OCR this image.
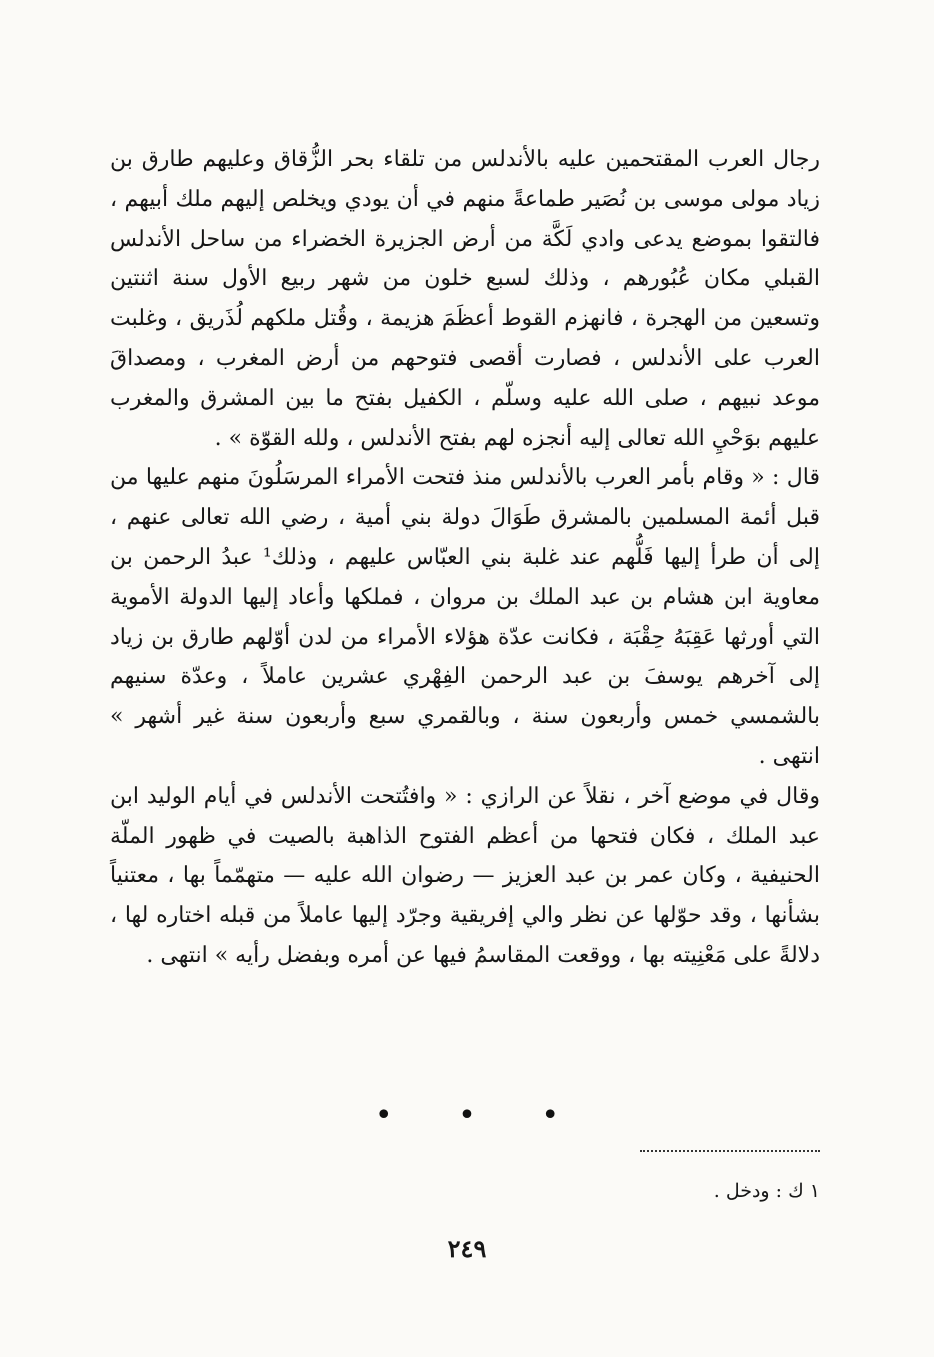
رجال العرب المقتحمين عليه بالأندلس من تلقاء بحر الزُّقاق وعليهم طارق بن زياد مولى موسى بن نُصَير طماعةً منهم في أن يودي ويخلص إليهم ملك أبيهم ، فالتقوا بموضع يدعى وادي لَكَّة من أرض الجزيرة الخضراء من ساحل الأندلس القبلي مكان عُبُورهم ، وذلك لسبع خلون من شهر ربيع الأول سنة اثنتين وتسعين من الهجرة ، فانهزم القوط أعظَمَ هزيمة ، وقُتل ملكهم لُذَريق ، وغلبت العرب على الأندلس ، فصارت أقصى فتوحهم من أرض المغرب ، ومصداقَ موعد نبيهم ، صلى الله عليه وسلّم ، الكفيل بفتح ما بين المشرق والمغرب عليهم بوَحْيِ الله تعالى إليه أنجزه لهم بفتح الأندلس ، ولله القوّة » .

قال : « وقام بأمر العرب بالأندلس منذ فتحت الأمراء المرسَلُونَ منهم عليها من قبل أئمة المسلمين بالمشرق طَوَالَ دولة بني أمية ، رضي الله تعالى عنهم ، إلى أن طرأ إليها فَلُّهم عند غلبة بني العبّاس عليهم ، وذلك¹ عبدُ الرحمن بن معاوية ابن هشام بن عبد الملك بن مروان ، فملكها وأعاد إليها الدولة الأموية التي أورثها عَقِبَهُ حِقْبَة ، فكانت عدّة هؤلاء الأمراء من لدن أوّلهم طارق بن زياد إلى آخرهم يوسفَ بن عبد الرحمن الفِهْري عشرين عاملاً ، وعدّة سنيهم بالشمسي خمس وأربعون سنة ، وبالقمري سبع وأربعون سنة غير أشهر » انتهى .

وقال في موضع آخر ، نقلاً عن الرازي : « وافتُتحت الأندلس في أيام الوليد ابن عبد الملك ، فكان فتحها من أعظم الفتوح الذاهبة بالصيت في ظهور الملّة الحنيفية ، وكان عمر بن عبد العزيز — رضوان الله عليه — متهمّماً بها ، معتنياً بشأنها ، وقد حوّلها عن نظر والي إفريقية وجرّد إليها عاملاً من قبله اختاره لها ، دلالةً على مَعْنِيته بها ، ووقعت المقاسمُ فيها عن أمره وبفضل رأيه » انتهى .

• • •
١ ك : ودخل .
٢٤٩
